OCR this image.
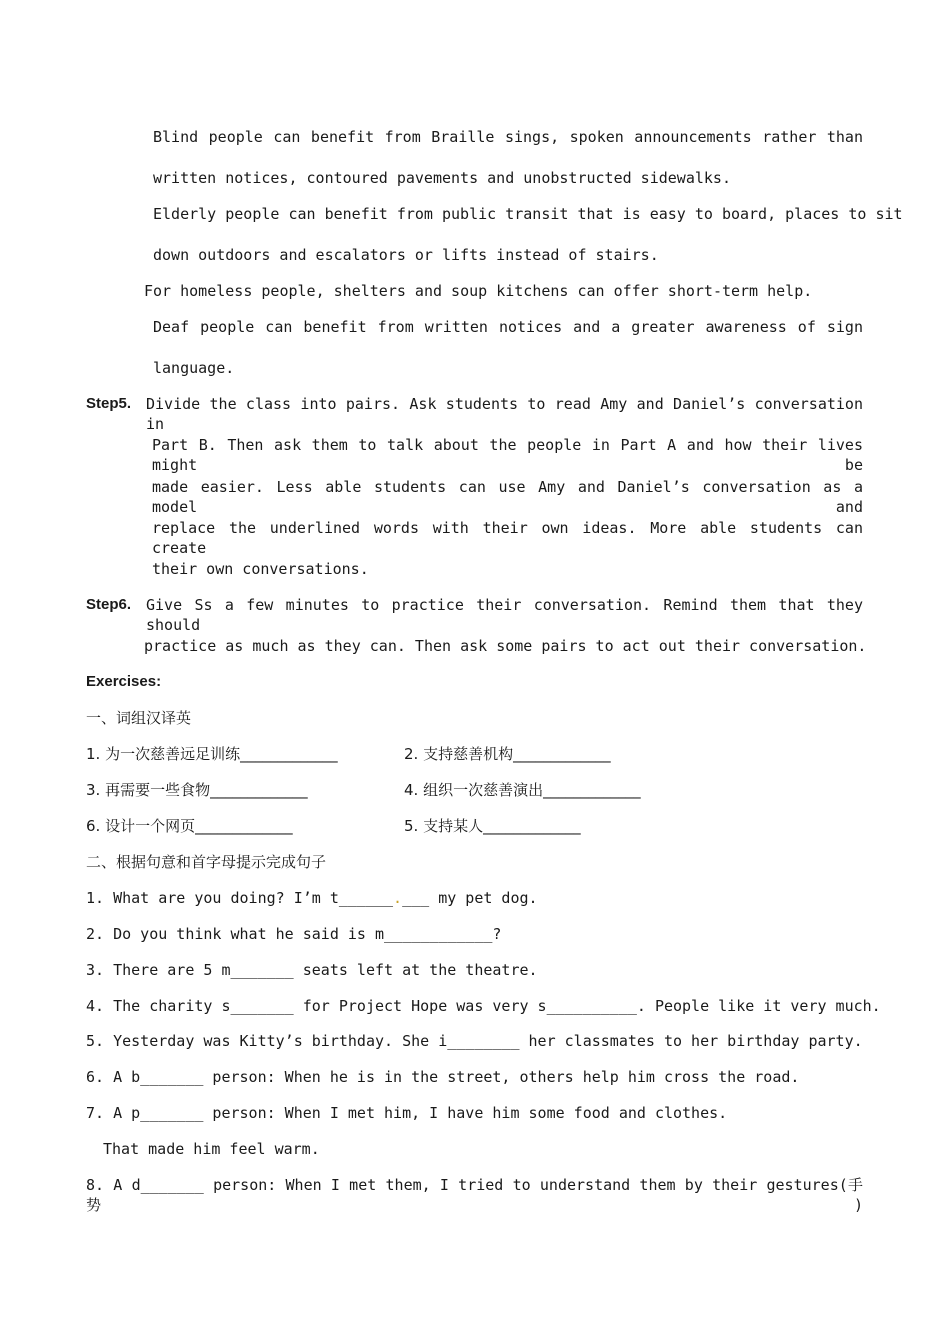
Blind people can benefit from Braille sings, spoken announcements rather than
written notices, contoured pavements and unobstructed sidewalks.
Elderly people can benefit from public transit that is easy to board, places to sit
down outdoors and escalators or lifts instead of stairs.
For homeless people, shelters and soup kitchens can offer short-term help.
Deaf people can benefit from written notices and a greater awareness of sign
language.
Step5. Divide the class into pairs. Ask students to read Amy and Daniel’s conversation in
Part B. Then ask them to talk about the people in Part A and how their lives might be
made easier. Less able students can use Amy and Daniel’s conversation as a model and
replace the underlined words with their own ideas. More able students can create
their own conversations.
Step6. Give Ss a few minutes to practice their conversation. Remind them that they should
practice as much as they can. Then ask some pairs to act out their conversation.
Exercises:
一、词组汉译英
1. 为一次慈善远足训练_____________	2. 支持慈善机构_____________
3. 再需要一些食物_____________	4. 组织一次慈善演出_____________
6. 设计一个网页_____________	5. 支持某人_____________
二、根据句意和首字母提示完成句子
1. What are you doing? I’m t______.___ my pet dog.
2. Do you think what he said is m____________?
3. There are 5 m_______ seats left at the theatre.
4. The charity s_______ for Project Hope was very s__________. People like it very much.
5. Yesterday was Kitty’s birthday. She i________ her classmates to her birthday party.
6. A b_______ person: When he is in the street, others help him cross the road.
7. A p_______ person: When I met him, I have him some food and clothes.
That made him feel warm.
8. A d_______ person: When I met them, I tried to understand them by their gestures(手势)
